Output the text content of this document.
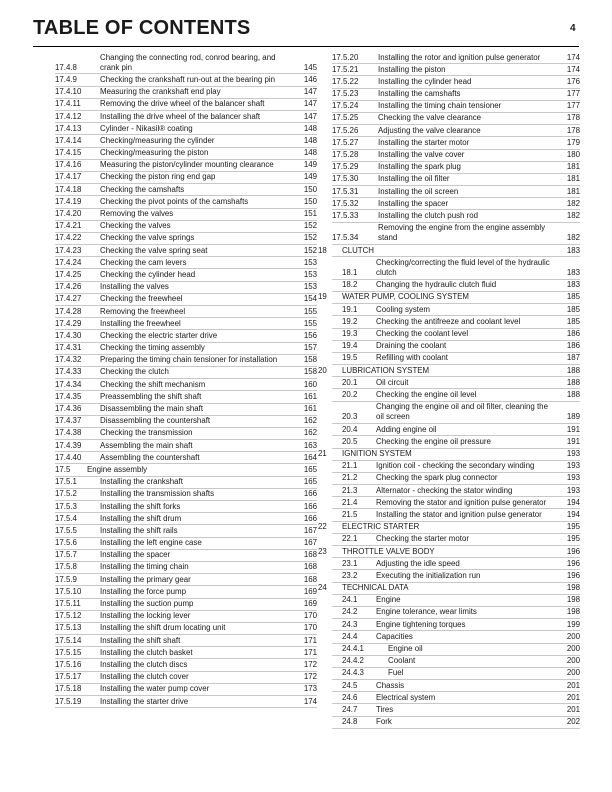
TABLE OF CONTENTS	4
17.4.8
Changing the connecting rod, conrod bearing, and crank pin	145
17.4.9	Checking the crankshaft run-out at the bearing pin	146
17.4.10	Measuring the crankshaft end play	147
17.4.11	Removing the drive wheel of the balancer shaft	147
17.4.12	Installing the drive wheel of the balancer shaft	147
17.4.13	Cylinder - Nikasil® coating	148
17.4.14	Checking/measuring the cylinder	148
17.4.15	Checking/measuring the piston	148
17.4.16	Measuring the piston/cylinder mounting clearance	149
17.4.17	Checking the piston ring end gap	149
17.4.18	Checking the camshafts	150
17.4.19	Checking the pivot points of the camshafts	150
17.4.20	Removing the valves	151
17.4.21	Checking the valves	152
17.4.22	Checking the valve springs	152
17.4.23	Checking the valve spring seat	152
17.4.24	Checking the cam levers	153
17.4.25	Checking the cylinder head	153
17.4.26	Installing the valves	153
17.4.27	Checking the freewheel	154
17.4.28	Removing the freewheel	155
17.4.29	Installing the freewheel	155
17.4.30	Checking the electric starter drive	156
17.4.31	Checking the timing assembly	157
17.4.32	Preparing the timing chain tensioner for installation	158
17.4.33	Checking the clutch	158
17.4.34	Checking the shift mechanism	160
17.4.35	Preassembling the shift shaft	161
17.4.36	Disassembling the main shaft	161
17.4.37	Disassembling the countershaft	162
17.4.38	Checking the transmission	162
17.4.39	Assembling the main shaft	163
17.4.40	Assembling the countershaft	164
17.5	Engine assembly	165
17.5.1	Installing the crankshaft	165
17.5.2	Installing the transmission shafts	166
17.5.3	Installing the shift forks	166
17.5.4	Installing the shift drum	166
17.5.5	Installing the shift rails	167
17.5.6	Installing the left engine case	167
17.5.7	Installing the spacer	168
17.5.8	Installing the timing chain	168
17.5.9	Installing the primary gear	168
17.5.10	Installing the force pump	169
17.5.11	Installing the suction pump	169
17.5.12	Installing the locking lever	170
17.5.13	Installing the shift drum locating unit	170
17.5.14	Installing the shift shaft	171
17.5.15	Installing the clutch basket	171
17.5.16	Installing the clutch discs	172
17.5.17	Installing the clutch cover	172
17.5.18	Installing the water pump cover	173
17.5.19	Installing the starter drive	174
17.5.20	Installing the rotor and ignition pulse generator	174
17.5.21	Installing the piston	174
17.5.22	Installing the cylinder head	176
17.5.23	Installing the camshafts	177
17.5.24	Installing the timing chain tensioner	177
17.5.25	Checking the valve clearance	178
17.5.26	Adjusting the valve clearance	178
17.5.27	Installing the starter motor	179
17.5.28	Installing the valve cover	180
17.5.29	Installing the spark plug	181
17.5.30	Installing the oil filter	181
17.5.31	Installing the oil screen	181
17.5.32	Installing the spacer	182
17.5.33	Installing the clutch push rod	182
17.5.34
Removing the engine from the engine assembly stand	182
18	CLUTCH	183
18.1
Checking/correcting the fluid level of the hydraulic clutch	183
18.2	Changing the hydraulic clutch fluid	183
19	WATER PUMP, COOLING SYSTEM	185
19.1	Cooling system	185
19.2	Checking the antifreeze and coolant level	185
19.3	Checking the coolant level	186
19.4	Draining the coolant	186
19.5	Refilling with coolant	187
20	LUBRICATION SYSTEM	188
20.1	Oil circuit	188
20.2	Checking the engine oil level	188
20.3
Changing the engine oil and oil filter, cleaning the oil screen	189
20.4	Adding engine oil	191
20.5	Checking the engine oil pressure	191
21	IGNITION SYSTEM	193
21.1	Ignition coil - checking the secondary winding	193
21.2	Checking the spark plug connector	193
21.3	Alternator - checking the stator winding	193
21.4	Removing the stator and ignition pulse generator	194
21.5	Installing the stator and ignition pulse generator	194
22	ELECTRIC STARTER	195
22.1	Checking the starter motor	195
23	THROTTLE VALVE BODY	196
23.1	Adjusting the idle speed	196
23.2	Executing the initialization run	196
24	TECHNICAL DATA	198
24.1	Engine	198
24.2	Engine tolerance, wear limits	198
24.3	Engine tightening torques	199
24.4	Capacities	200
24.4.1	Engine oil	200
24.4.2	Coolant	200
24.4.3	Fuel	200
24.5	Chassis	201
24.6	Electrical system	201
24.7	Tires	201
24.8	Fork	202
